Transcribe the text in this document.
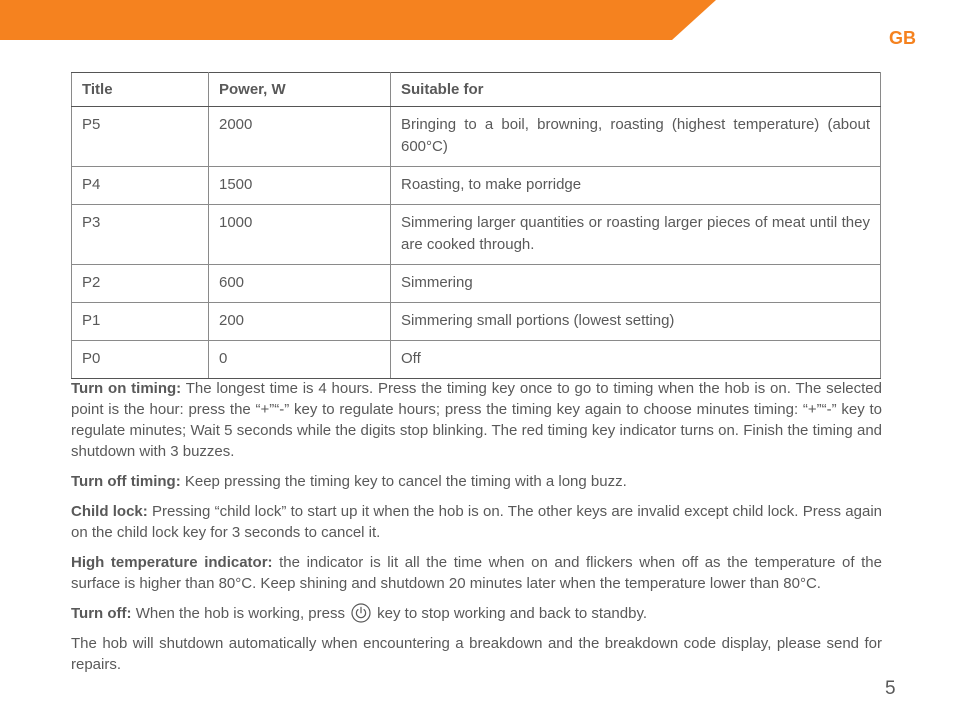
GB
Title	Power, W	Suitable for
P5	2000	Bringing to a boil, browning, roasting (highest temperature) (about 600°C)
P4	1500	Roasting, to make porridge
P3	1000	Simmering larger quantities or roasting larger pieces of meat until they are cooked through.
P2	600	Simmering
P1	200	Simmering small portions (lowest setting)
P0	0	Off

Turn on timing: The longest time is 4 hours. Press the timing key once to go to timing when the hob is on. The selected point is the hour: press the “+”“-” key to regulate hours; press the timing key again to choose minutes timing: “+”“-” key to regulate minutes; Wait 5 seconds while the digits stop blinking. The red timing key indicator turns on. Finish the timing and shutdown with 3 buzzes.

Turn off timing: Keep pressing the timing key to cancel the timing with a long buzz.

Child lock: Pressing “child lock” to start up it when the hob is on. The other keys are invalid except child lock. Press again on the child lock key for 3 seconds to cancel it.

High temperature indicator: the indicator is lit all the time when on and flickers when off as the temperature of the surface is higher than 80°C. Keep shining and shutdown 20 minutes later when the temperature lower than 80°C.

Turn off: When the hob is working, press key to stop working and back to standby.

The hob will shutdown automatically when encountering a breakdown and the breakdown code display, please send for repairs.

5
